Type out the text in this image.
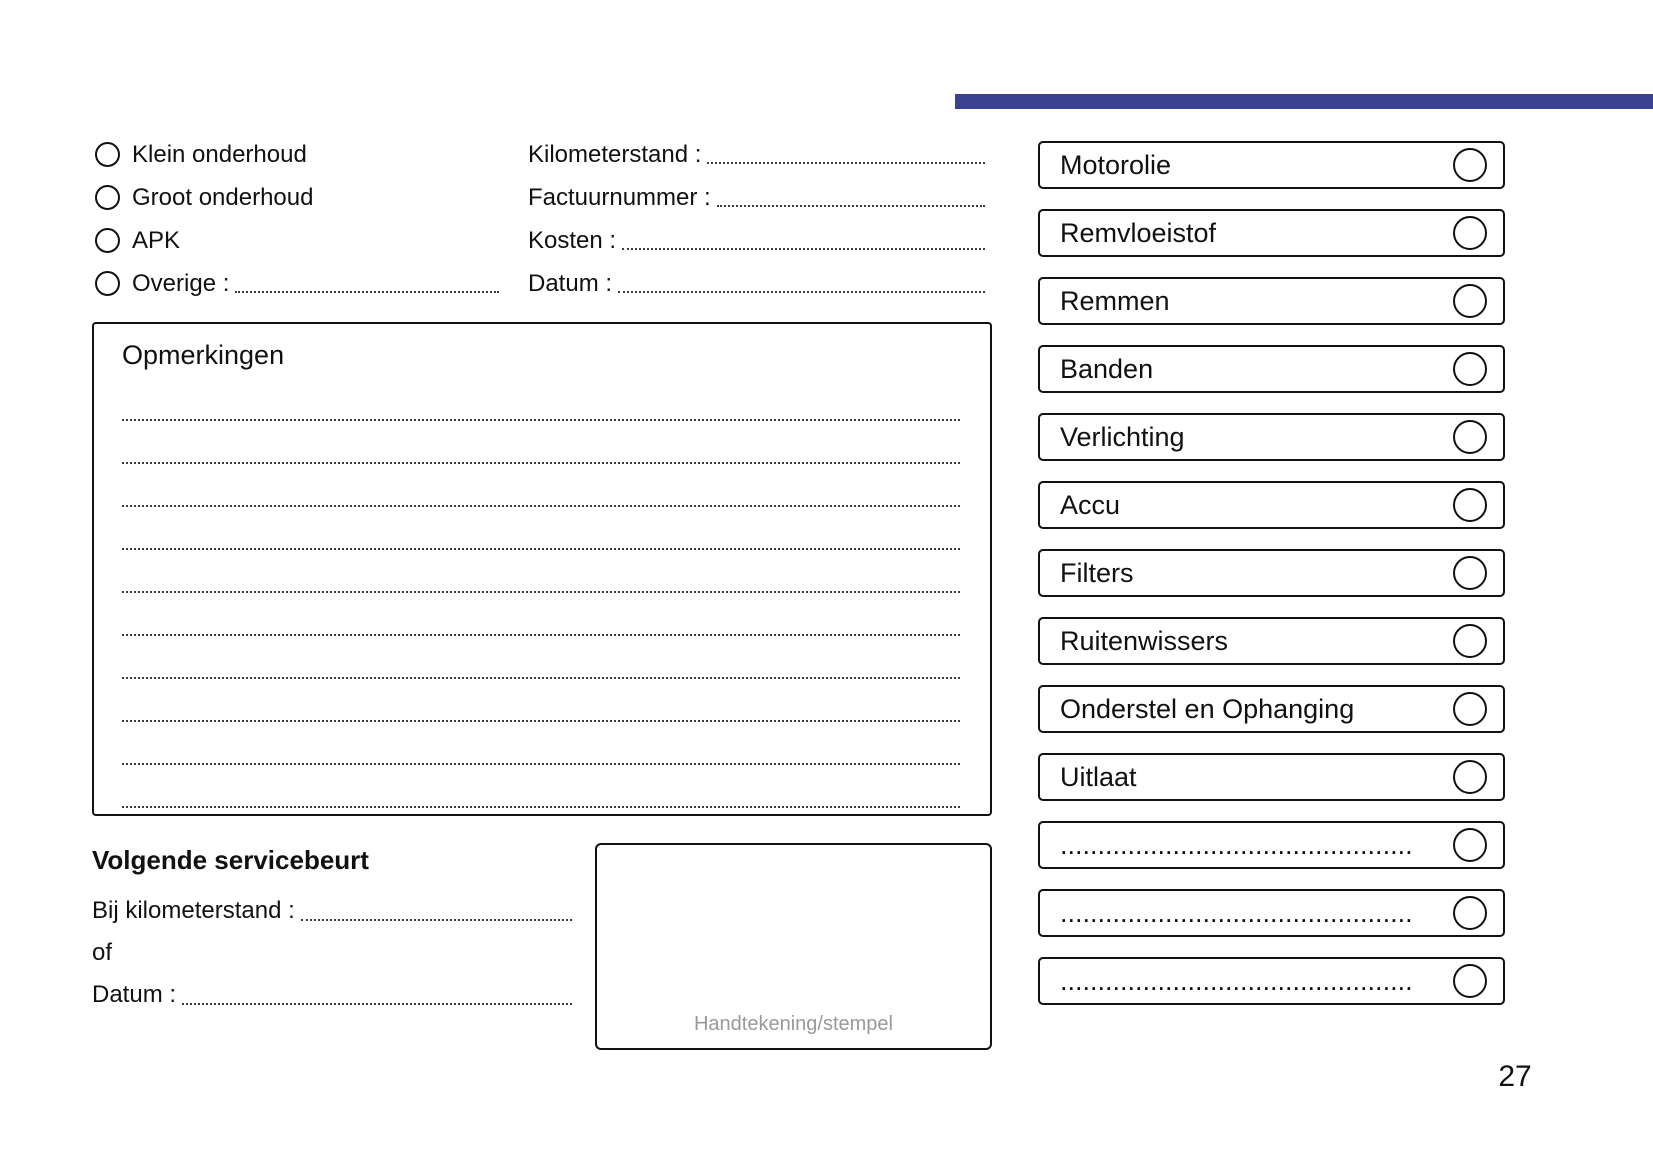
Klein onderhoud
Groot onderhoud
APK
Overige :
Kilometerstand :
Factuurnummer :
Kosten :
Datum :
Opmerkingen
Volgende servicebeurt
Bij kilometerstand :
of
Datum :
Handtekening/stempel
Motorolie
Remvloeistof
Remmen
Banden
Verlichting
Accu
Filters
Ruitenwissers
Onderstel en Ophanging
Uitlaat
...............................................
...............................................
...............................................
27
